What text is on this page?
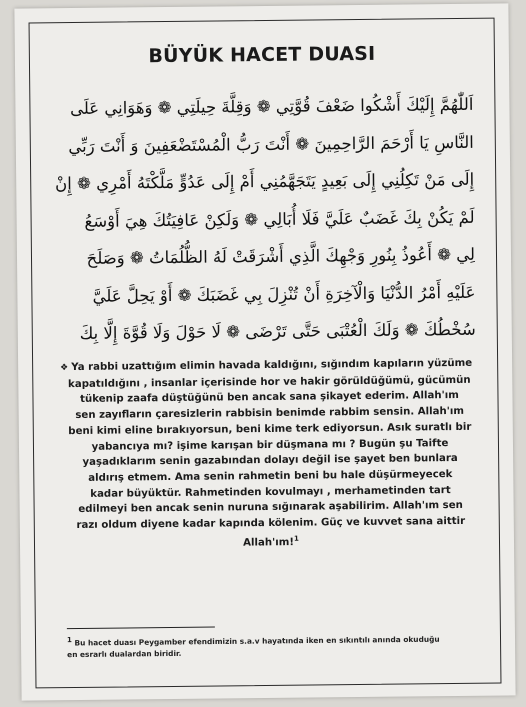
BÜYÜK HACET DUASI
اَللّٰهُمَّ إِلَيْكَ أَشْكُوا ضَعْفَ قُوَّتِي ❁ وَقِلَّةَ حِيلَتِي ❁ وَهَوَانِي عَلَى
النَّاسِ يَا أَرْحَمَ الرَّاحِمِينَ ❁ أَنْتَ رَبُّ الْمُسْتَضْعَفِينَ وَ أَنْتَ رَبِّي
إِلَى مَنْ تَكِلُنِي إِلَى بَعِيدٍ يَتَجَهَّمُنِي أَمْ إِلَى عَدُوٍّ مَلَّكْتَهُ أَمْرِي ❁ إِنْ
لَمْ يَكُنْ بِكَ غَضَبٌ عَلَيَّ فَلَا أُبَالِي ❁ وَلَكِنْ عَافِيَتُكَ هِيَ أَوْسَعُ
لِي ❁ أَعُوذُ بِنُورِ وَجْهِكَ الَّذِي أَشْرَقَتْ لَهُ الظُّلُمَاتُ ❁ وَصَلَحَ
عَلَيْهِ أَمْرُ الدُّنْيَا وَالْآخِرَةِ أَنْ تُنْزِلَ بِي غَضَبَكَ ❁ أَوْ يَحِلَّ عَلَيَّ
سُخْطُكَ ❁ وَلَكَ الْعُتْبَى حَتَّى تَرْضَى ❁ لَا حَوْلَ وَلَا قُوَّةَ إِلَّا بِكَ
❖ Ya rabbi uzattığım elimin havada kaldığını, sığındım kapıların yüzüme
kapatıldığını , insanlar içerisinde hor ve hakir görüldüğümü, gücümün
tükenip zaafa düştüğünü ben ancak sana şikayet ederim. Allah'ım
sen zayıfların çaresizlerin rabbisin benimde rabbim sensin. Allah'ım
beni kimi eline bırakıyorsun, beni kime terk ediyorsun. Asık suratlı bir
yabancıya mı? işime karışan bir düşmana mı ? Bugün şu Taifte
yaşadıklarım senin gazabından dolayı değil ise şayet ben bunlara
aldırış etmem. Ama senin rahmetin beni bu hale düşürmeyecek
kadar büyüktür. Rahmetinden kovulmayı , merhametinden tart
edilmeyi ben ancak senin nuruna sığınarak aşabilirim. Allah'ım sen
razı oldum diyene kadar kapında kölenim. Güç ve kuvvet sana aittir
Allah'ım!$^1$
1 Bu hacet duası Peygamber efendimizin s.a.v hayatında iken en sıkıntılı anında okuduğu
en esrarlı dualardan biridir.
